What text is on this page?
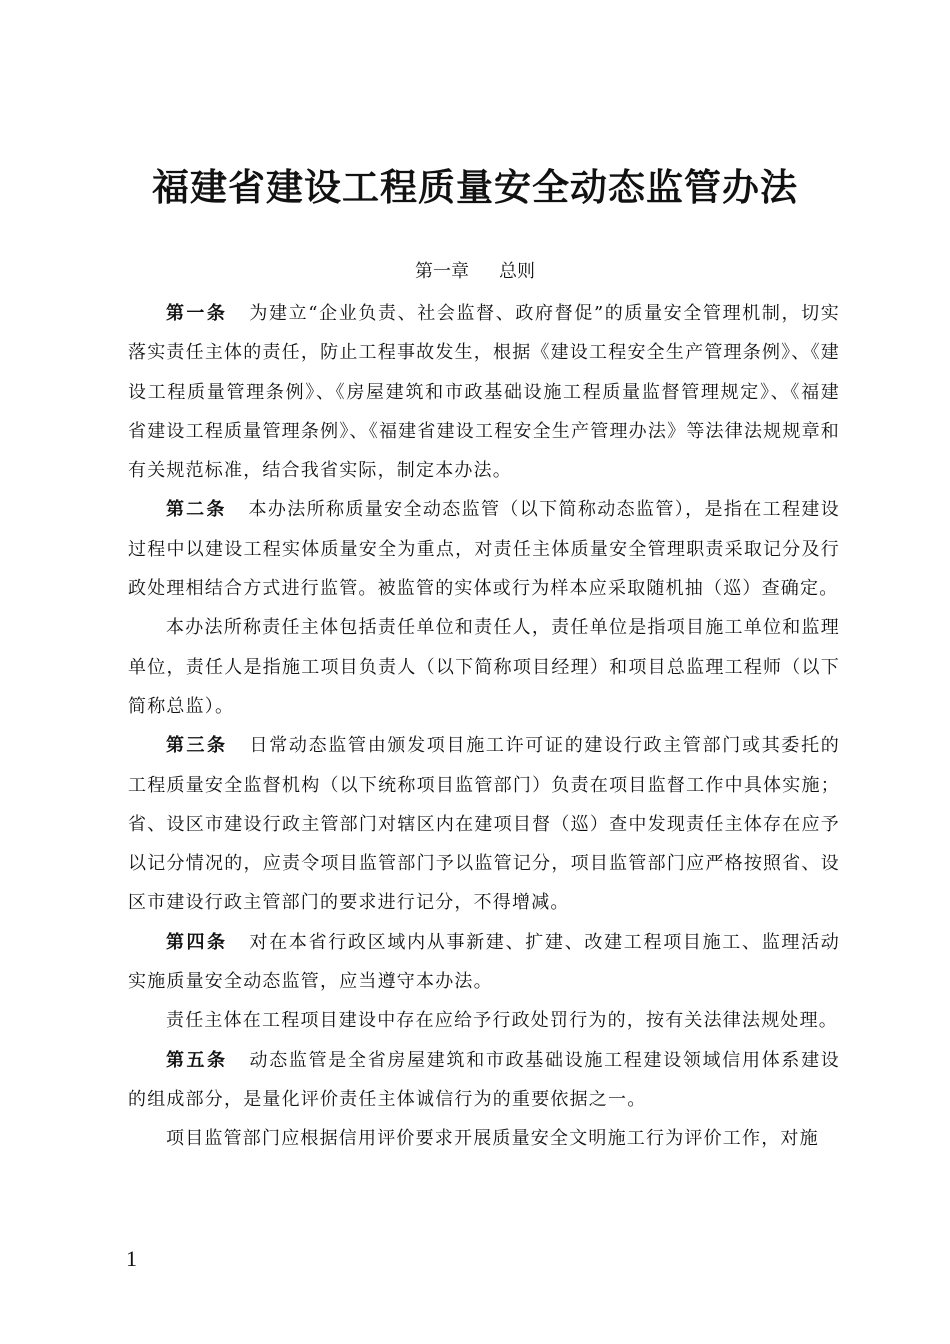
福建省建设工程质量安全动态监管办法
第一章 总则

第一条 为建立“企业负责、社会监督、政府督促”的质量安全管理机制，切实落实责任主体的责任，防止工程事故发生，根据《建设工程安全生产管理条例》、《建设工程质量管理条例》、《房屋建筑和市政基础设施工程质量监督管理规定》、《福建省建设工程质量管理条例》、《福建省建设工程安全生产管理办法》等法律法规规章和有关规范标准，结合我省实际，制定本办法。

第二条 本办法所称质量安全动态监管（以下简称动态监管），是指在工程建设过程中以建设工程实体质量安全为重点，对责任主体质量安全管理职责采取记分及行政处理相结合方式进行监管。被监管的实体或行为样本应采取随机抽（巡）查确定。

本办法所称责任主体包括责任单位和责任人，责任单位是指项目施工单位和监理单位，责任人是指施工项目负责人（以下简称项目经理）和项目总监理工程师（以下简称总监）。

第三条 日常动态监管由颁发项目施工许可证的建设行政主管部门或其委托的工程质量安全监督机构（以下统称项目监管部门）负责在项目监督工作中具体实施；省、设区市建设行政主管部门对辖区内在建项目督（巡）查中发现责任主体存在应予以记分情况的，应责令项目监管部门予以监管记分，项目监管部门应严格按照省、设区市建设行政主管部门的要求进行记分，不得增减。

第四条 对在本省行政区域内从事新建、扩建、改建工程项目施工、监理活动实施质量安全动态监管，应当遵守本办法。

责任主体在工程项目建设中存在应给予行政处罚行为的，按有关法律法规处理。

第五条 动态监管是全省房屋建筑和市政基础设施工程建设领域信用体系建设的组成部分，是量化评价责任主体诚信行为的重要依据之一。

项目监管部门应根据信用评价要求开展质量安全文明施工行为评价工作，对施

1
